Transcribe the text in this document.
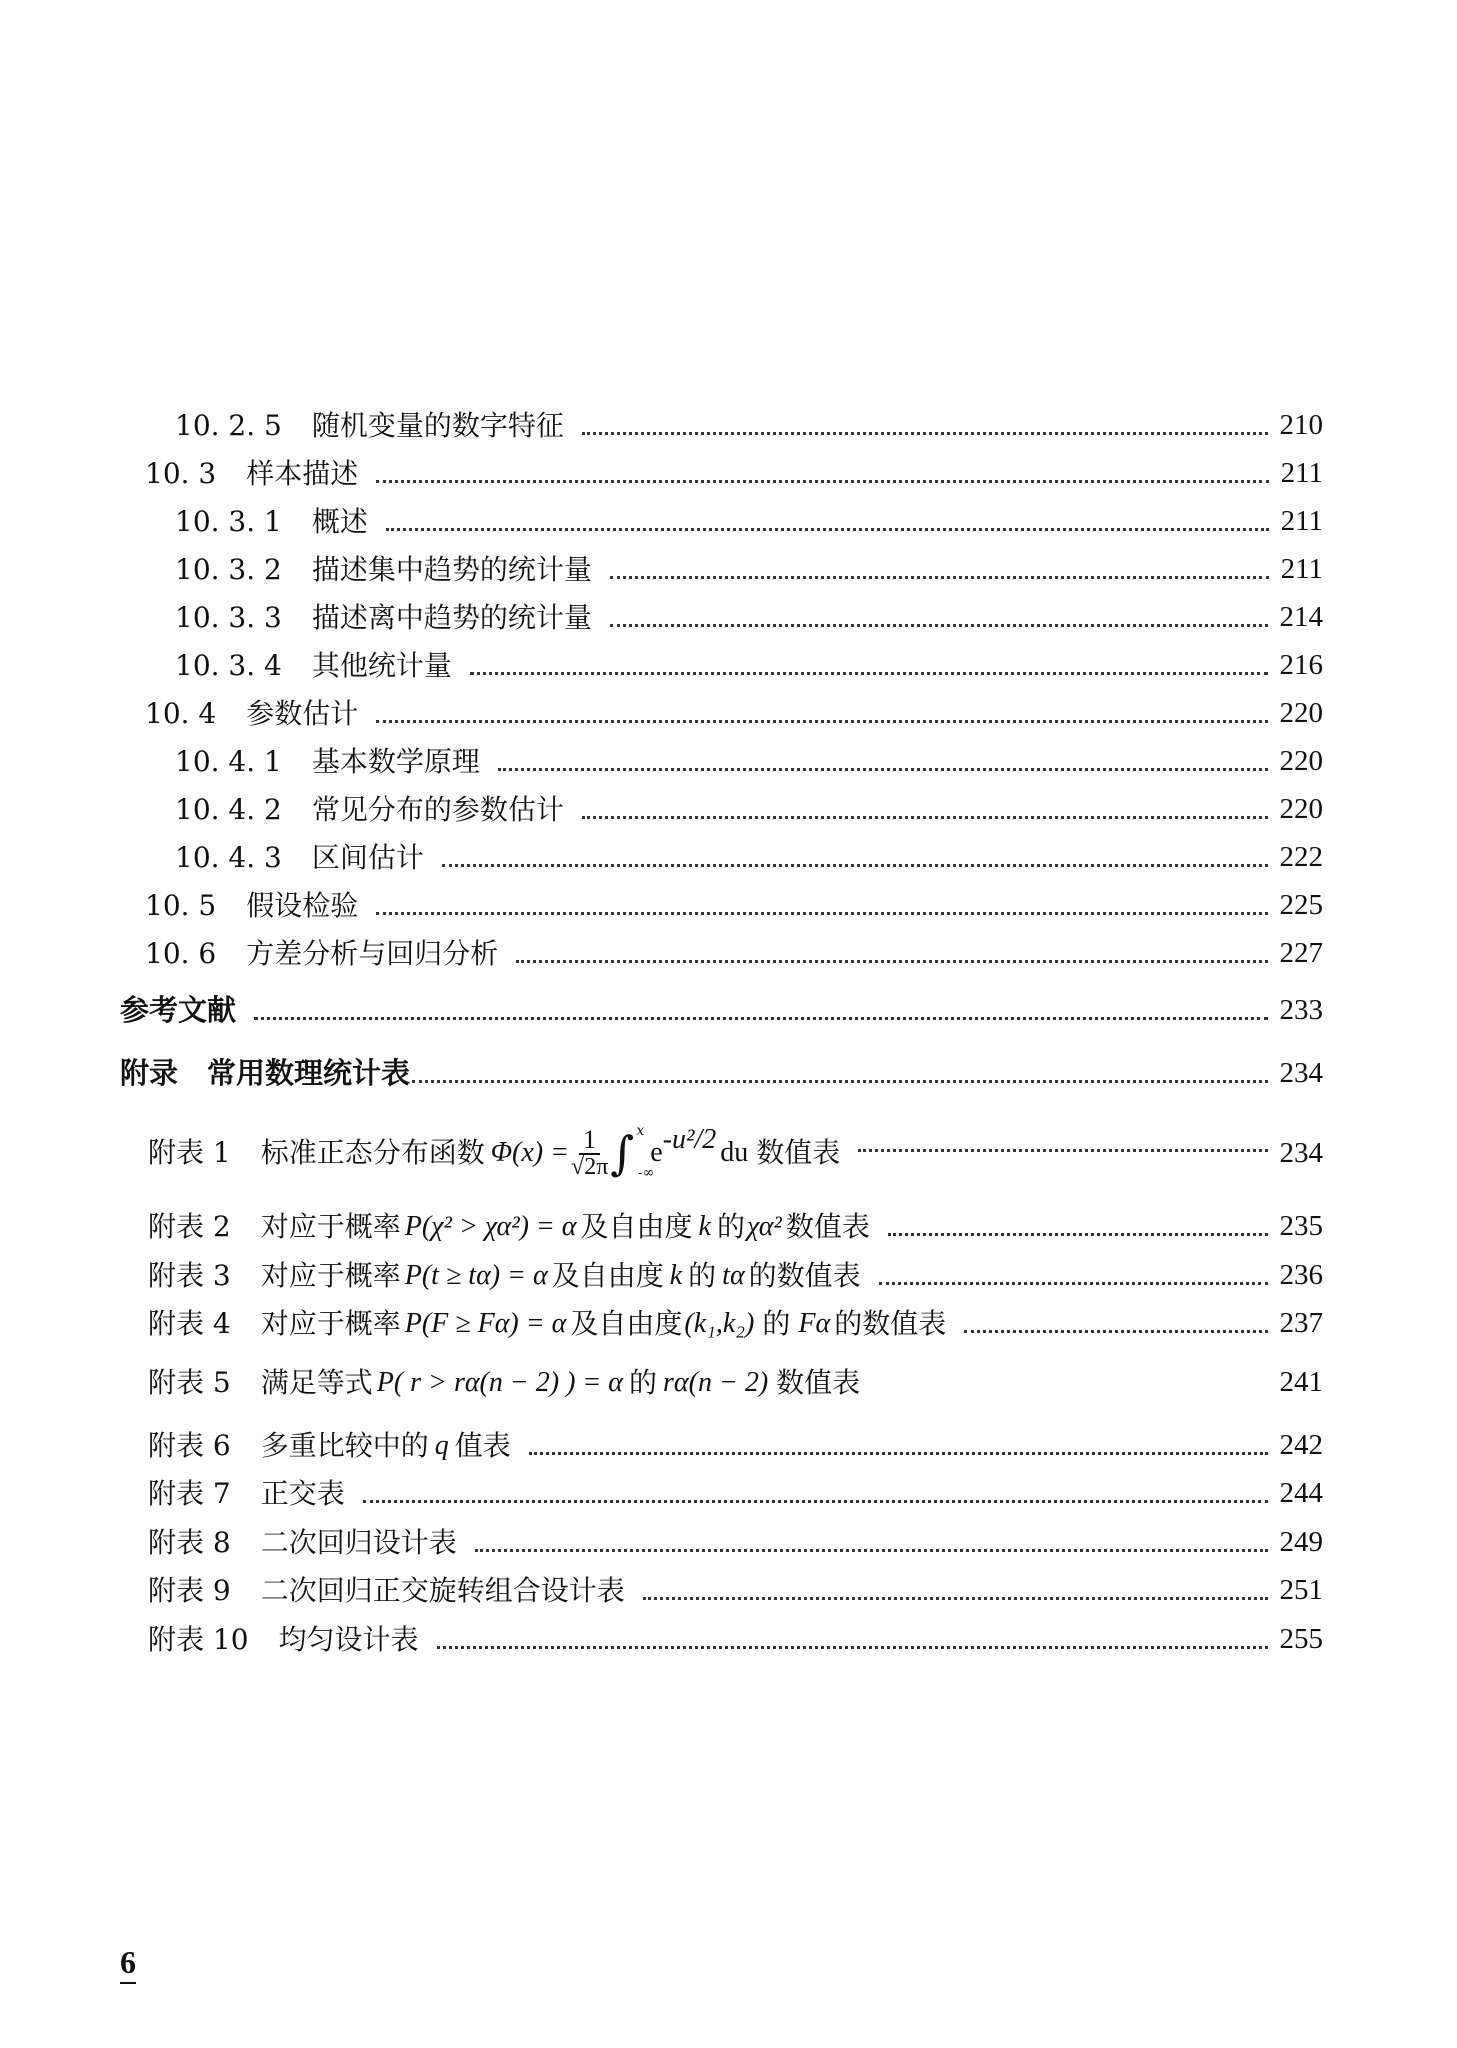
10. 2. 5 随机变量的数字特征	210
10. 3 样本描述	211
10. 3. 1 概述	211
10. 3. 2 描述集中趋势的统计量	211
10. 3. 3 描述离中趋势的统计量	214
10. 3. 4 其他统计量	216
10. 4 参数估计	220
10. 4. 1 基本数学原理	220
10. 4. 2 常见分布的参数估计	220
10. 4. 3 区间估计	222
10. 5 假设检验	225
10. 6 方差分析与回归分析	227
参考文献	233
附录　常用数理统计表	234
附表 1 标准正态分布函数 $\Phi(x) = \frac{1}{√2\pi}$ ∫ x
-∞
e -u²/2 du 数值表	234
附表 2 对应于概率 P(χ² > χα²) = α 及自由度 k 的 χα² 数值表	235
附表 3 对应于概率 P(t ≥ tα) = α 及自由度 k 的 tα 的数值表	236
附表 4 对应于概率 P(F ≥ Fα) = α 及自由度 (k₁,k₂) 的 Fα 的数值表	237
附表 5 满足等式 P( r > rα(n − 2) ) = α 的 rα(n − 2) 数值表	241
附表 6 多重比较中的 q 值表	242
附表 7 正交表	244
附表 8 二次回归设计表	249
附表 9 二次回归正交旋转组合设计表	251
附表 10 均匀设计表	255
6
